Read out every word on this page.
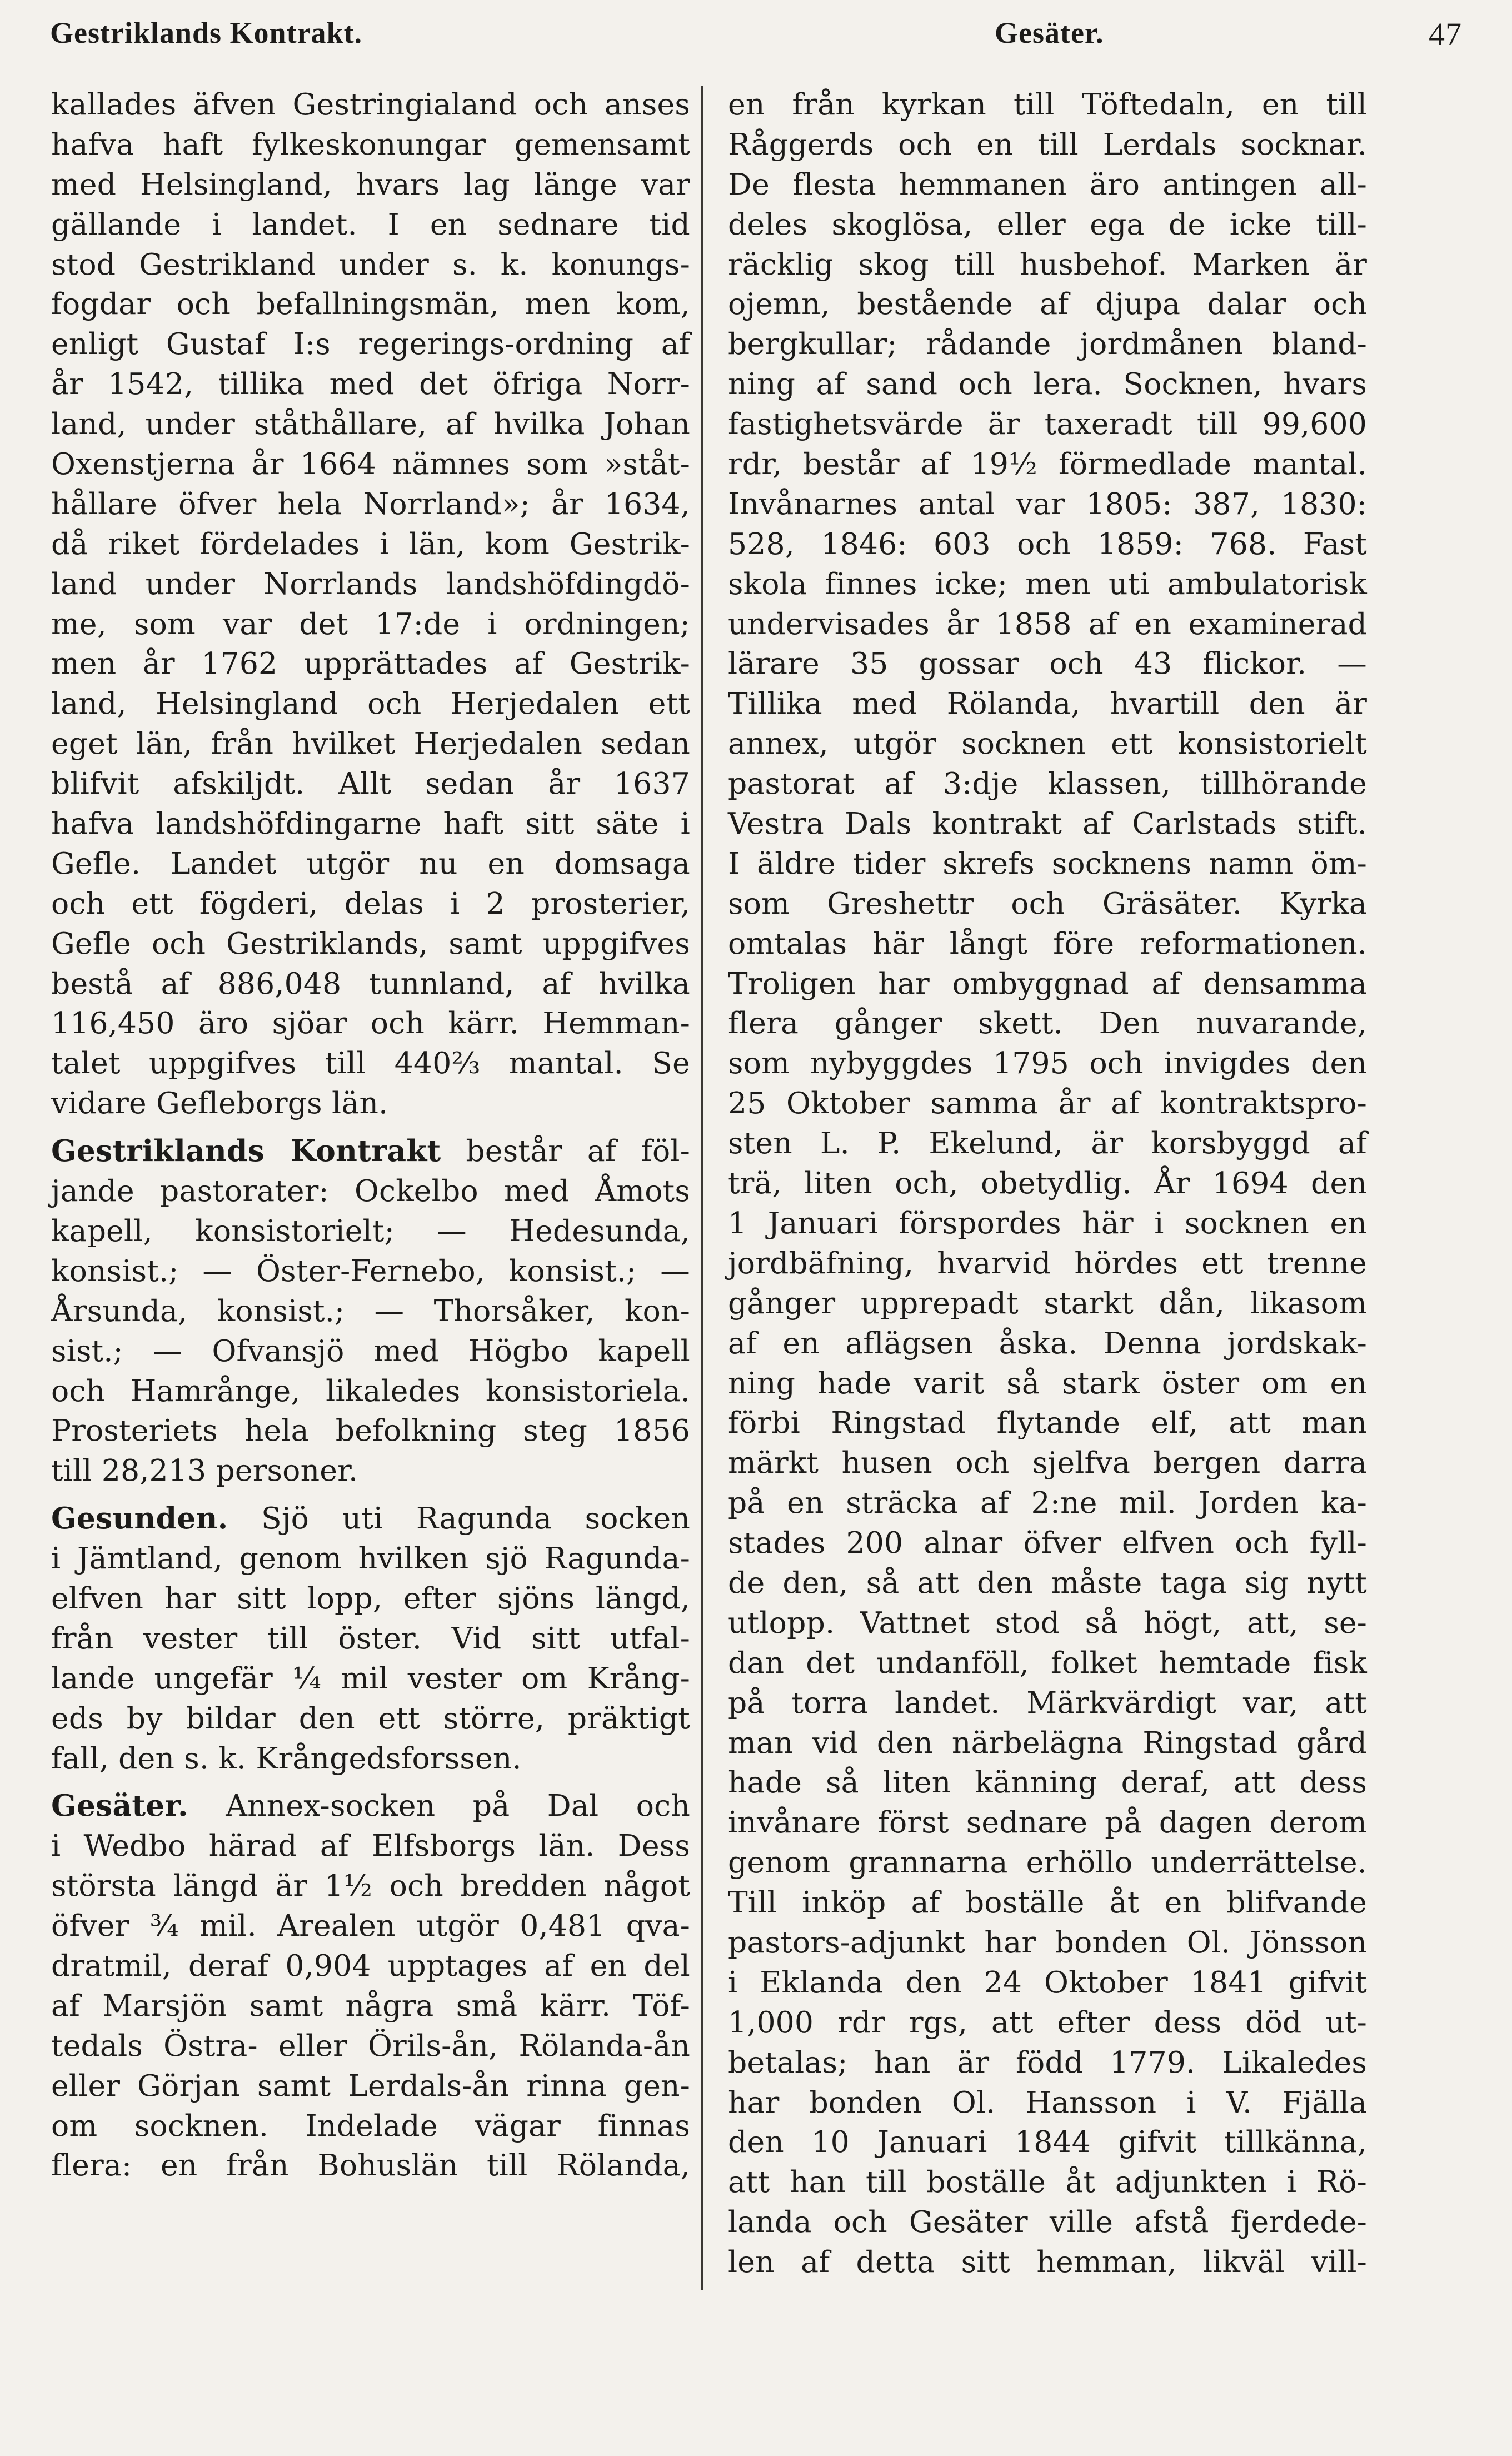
Gestriklands Kontrakt.	Gesäter.	47
kallades äfven Gestringialand och anses
hafva haft fylkeskonungar gemensamt
med Helsingland, hvars lag länge var
gällande i landet. I en sednare tid
stod Gestrikland under s. k. konungs-
fogdar och befallningsmän, men kom,
enligt Gustaf I:s regerings-ordning af
år 1542, tillika med det öfriga Norr-
land, under ståthållare, af hvilka Johan
Oxenstjerna år 1664 nämnes som »ståt-
hållare öfver hela Norrland»; år 1634,
då riket fördelades i län, kom Gestrik-
land under Norrlands landshöfdingdö-
me, som var det 17:de i ordningen;
men år 1762 upprättades af Gestrik-
land, Helsingland och Herjedalen ett
eget län, från hvilket Herjedalen sedan
blifvit afskiljdt. Allt sedan år 1637
hafva landshöfdingarne haft sitt säte i
Gefle. Landet utgör nu en domsaga
och ett fögderi, delas i 2 prosterier,
Gefle och Gestriklands, samt uppgifves
bestå af 886,048 tunnland, af hvilka
116,450 äro sjöar och kärr. Hemman-
talet uppgifves till 440⅔ mantal. Se
vidare Gefleborgs län.
Gestriklands Kontrakt består af föl-
jande pastorater: Ockelbo med Åmots
kapell, konsistorielt; — Hedesunda,
konsist.; — Öster-Fernebo, konsist.; —
Årsunda, konsist.; — Thorsåker, kon-
sist.; — Ofvansjö med Högbo kapell
och Hamrånge, likaledes konsistoriela.
Prosteriets hela befolkning steg 1856
till 28,213 personer.
Gesunden. Sjö uti Ragunda socken
i Jämtland, genom hvilken sjö Ragunda-
elfven har sitt lopp, efter sjöns längd,
från vester till öster. Vid sitt utfal-
lande ungefär ¼ mil vester om Krång-
eds by bildar den ett större, präktigt
fall, den s. k. Krångedsforssen.
Gesäter. Annex-socken på Dal och
i Wedbo härad af Elfsborgs län. Dess
största längd är 1½ och bredden något
öfver ¾ mil. Arealen utgör 0,481 qva-
dratmil, deraf 0,904 upptages af en del
af Marsjön samt några små kärr. Töf-
tedals Östra- eller Örils-ån, Rölanda-ån
eller Görjan samt Lerdals-ån rinna gen-
om socknen. Indelade vägar finnas
flera: en från Bohuslän till Rölanda,
en från kyrkan till Töftedaln, en till
Råggerds och en till Lerdals socknar.
De flesta hemmanen äro antingen all-
deles skoglösa, eller ega de icke till-
räcklig skog till husbehof. Marken är
ojemn, bestående af djupa dalar och
bergkullar; rådande jordmånen bland-
ning af sand och lera. Socknen, hvars
fastighetsvärde är taxeradt till 99,600
rdr, består af 19½ förmedlade mantal.
Invånarnes antal var 1805: 387, 1830:
528, 1846: 603 och 1859: 768. Fast
skola finnes icke; men uti ambulatorisk
undervisades år 1858 af en examinerad
lärare 35 gossar och 43 flickor. —
Tillika med Rölanda, hvartill den är
annex, utgör socknen ett konsistorielt
pastorat af 3:dje klassen, tillhörande
Vestra Dals kontrakt af Carlstads stift.
I äldre tider skrefs socknens namn öm-
som Greshettr och Gräsäter. Kyrka
omtalas här långt före reformationen.
Troligen har ombyggnad af densamma
flera gånger skett. Den nuvarande,
som nybyggdes 1795 och invigdes den
25 Oktober samma år af kontraktspro-
sten L. P. Ekelund, är korsbyggd af
trä, liten och, obetydlig. År 1694 den
1 Januari förspordes här i socknen en
jordbäfning, hvarvid hördes ett trenne
gånger upprepadt starkt dån, likasom
af en aflägsen åska. Denna jordskak-
ning hade varit så stark öster om en
förbi Ringstad flytande elf, att man
märkt husen och sjelfva bergen darra
på en sträcka af 2:ne mil. Jorden ka-
stades 200 alnar öfver elfven och fyll-
de den, så att den måste taga sig nytt
utlopp. Vattnet stod så högt, att, se-
dan det undanföll, folket hemtade fisk
på torra landet. Märkvärdigt var, att
man vid den närbelägna Ringstad gård
hade så liten känning deraf, att dess
invånare först sednare på dagen derom
genom grannarna erhöllo underrättelse.
Till inköp af boställe åt en blifvande
pastors-adjunkt har bonden Ol. Jönsson
i Eklanda den 24 Oktober 1841 gifvit
1,000 rdr rgs, att efter dess död ut-
betalas; han är född 1779. Likaledes
har bonden Ol. Hansson i V. Fjälla
den 10 Januari 1844 gifvit tillkänna,
att han till boställe åt adjunkten i Rö-
landa och Gesäter ville afstå fjerdede-
len af detta sitt hemman, likväl vill-
